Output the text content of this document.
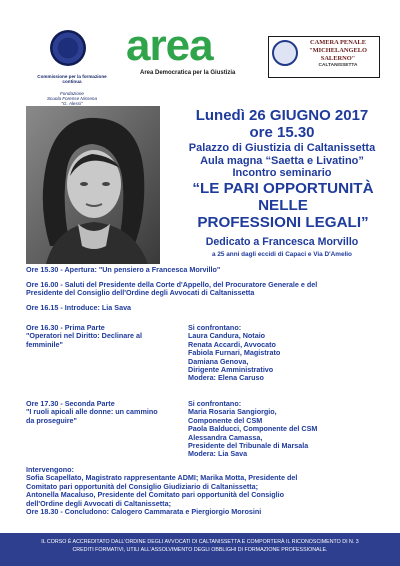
Commissione per la formazione continua
Fondazione
Scuola Forense Nissena
"G. Alessi"
area
Area Democratica per la Giustizia
CAMERA PENALE
"MICHELANGELO SALERNO"
CALTANISSETTA
Lunedì 26 GIUGNO 2017
ore 15.30
Palazzo di Giustizia di Caltanissetta
Aula magna “Saetta e Livatino”
Incontro seminario
“LE PARI OPPORTUNITÀ
NELLE
PROFESSIONI LEGALI”
Dedicato a Francesca Morvillo
a 25 anni dagli eccidi di Capaci e Via D'Amelio
Ore 15.30 - Apertura: "Un pensiero a Francesca Morvillo"
Ore 16.00 - Saluti del Presidente della Corte d'Appello, del Procuratore Generale e del
Presidente del Consiglio dell'Ordine degli Avvocati di Caltanissetta
Ore 16.15 - Introduce: Lia Sava
Ore 16.30 - Prima Parte
"Operatori nel Diritto: Declinare al
femminile"
Si confrontano:
Laura Candura, Notaio
Renata Accardi, Avvocato
Fabiola Furnari, Magistrato
Damiana Genova,
Dirigente Amministrativo
Modera: Elena Caruso
Ore 17.30 - Seconda Parte
"I ruoli apicali alle donne: un cammino
da proseguire"
Si confrontano:
Maria Rosaria Sangiorgio,
Componente del CSM
Paola Balducci, Componente del CSM
Alessandra Camassa,
Presidente del Tribunale di Marsala
Modera: Lia Sava
Intervengono:
Sofia Scapellato, Magistrato rappresentante ADMI; Marika Motta, Presidente del
Comitato pari opportunità del Consiglio Giudiziario di Caltanissetta;
Antonella Macaluso, Presidente del Comitato pari opportunità del Consiglio
dell'Ordine degli Avvocati di Caltanissetta;
Ore 18.30 - Concludono: Calogero Cammarata e Piergiorgio Morosini
IL CORSO È ACCREDITATO DALL'ORDINE DEGLI AVVOCATI DI CALTANISSETTA E COMPORTERÀ IL RICONOSCIMENTO DI N. 3
CREDITI FORMATIVI, UTILI ALL'ASSOLVIMENTO DEGLI OBBLIGHI DI FORMAZIONE PROFESSIONALE.
